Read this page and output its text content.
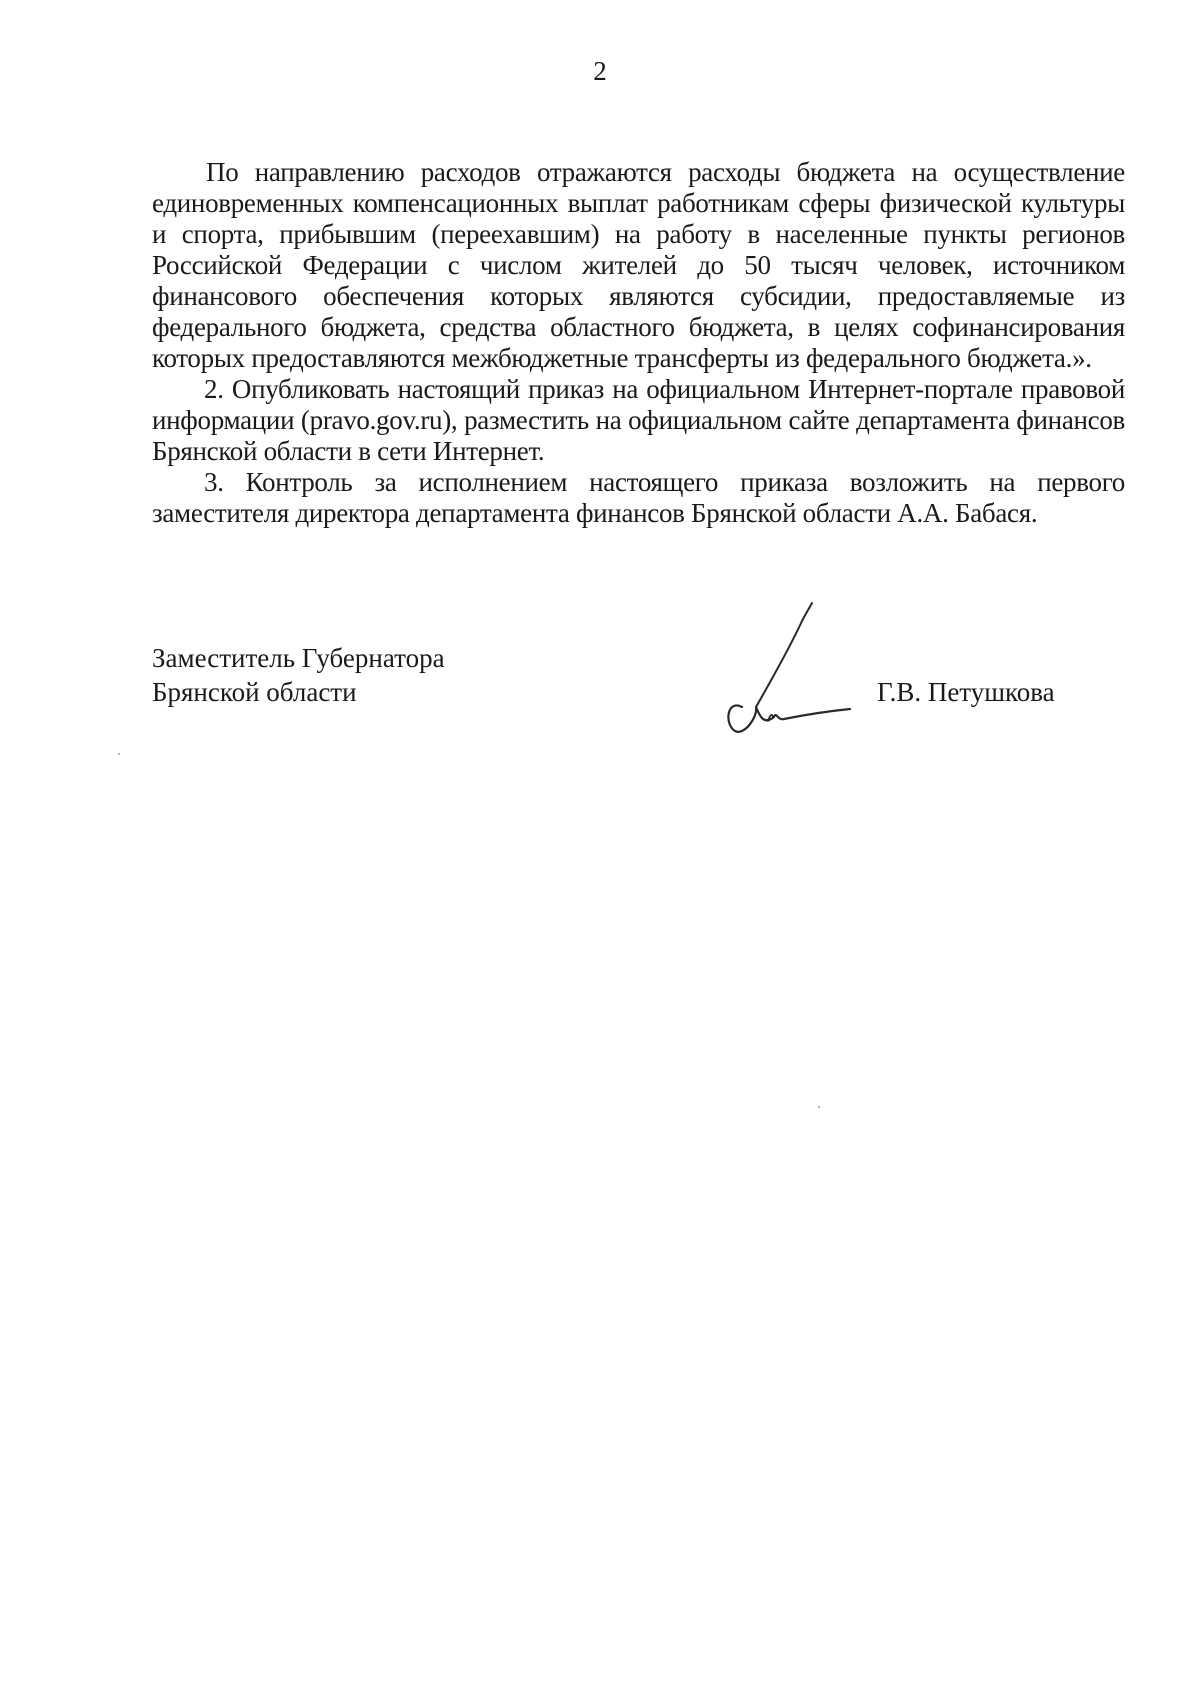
2

По направлению расходов отражаются расходы бюджета на осуществление единовременных компенсационных выплат работникам сферы физической культуры и спорта, прибывшим (переехавшим) на работу в населенные пункты регионов Российской Федерации с числом жителей до 50 тысяч человек, источником финансового обеспечения которых являются субсидии, предоставляемые из федерального бюджета, средства областного бюджета, в целях софинансирования которых предоставляются межбюджетные трансферты из федерального бюджета.».

2. Опубликовать настоящий приказ на официальном Интернет-портале правовой информации (pravo.gov.ru), разместить на официальном сайте департамента финансов Брянской области в сети Интернет.

3. Контроль за исполнением настоящего приказа возложить на первого заместителя директора департамента финансов Брянской области А.А. Бабася.

Заместитель Губернатора
Брянской области	Г.В. Петушкова
